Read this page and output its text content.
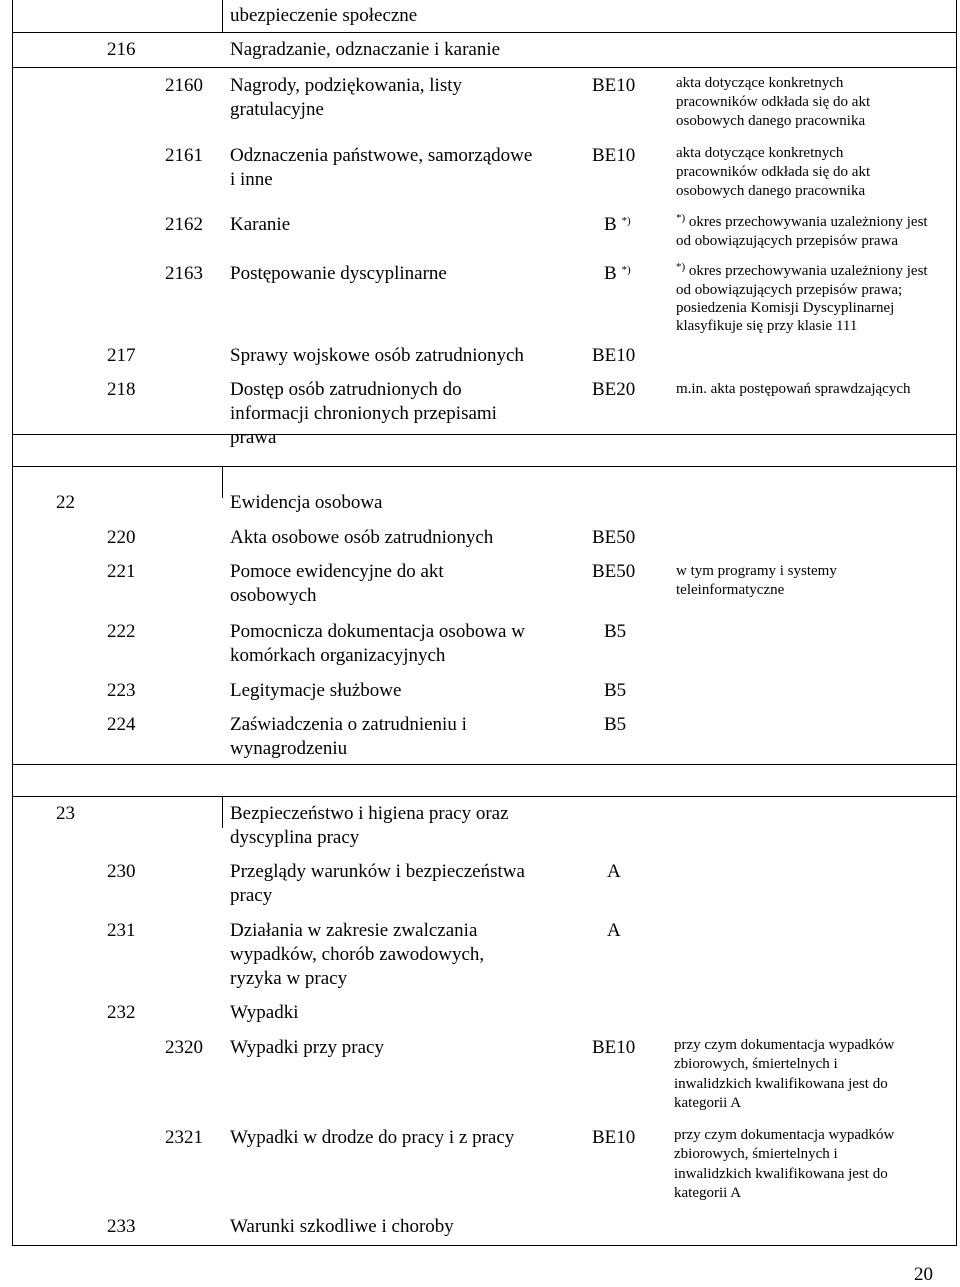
ubezpieczenie społeczne
216	Nagradzanie, odznaczanie i karanie
2160 Nagrody, podziękowania, listy
gratulacyjne
BE10	akta dotyczące konkretnych
pracowników odkłada się do akt
osobowych danego pracownika
2161 Odznaczenia państwowe, samorządowe
i inne
BE10	akta dotyczące konkretnych
pracowników odkłada się do akt
osobowych danego pracownika
2162 Karanie	B *)	*) okres przechowywania uzależniony jest
od obowiązujących przepisów prawa
2163 Postępowanie dyscyplinarne	B *)	*) okres przechowywania uzależniony jest
od obowiązujących przepisów prawa;
posiedzenia Komisji Dyscyplinarnej
klasyfikuje się przy klasie 111
217	Sprawy wojskowe osób zatrudnionych	BE10
218	Dostęp osób zatrudnionych do
informacji chronionych przepisami
prawa
BE20	m.in. akta postępowań sprawdzających
22	Ewidencja osobowa
220	Akta osobowe osób zatrudnionych	BE50
221	Pomoce ewidencyjne do akt
osobowych
BE50	w tym programy i systemy
teleinformatyczne
222	Pomocnicza dokumentacja osobowa w
komórkach organizacyjnych
B5
223	Legitymacje służbowe	B5
224	Zaświadczenia o zatrudnieniu i
wynagrodzeniu
B5
23	Bezpieczeństwo i higiena pracy oraz
dyscyplina pracy
230	Przeglądy warunków i bezpieczeństwa
pracy
A
231	Działania w zakresie zwalczania
wypadków, chorób zawodowych,
ryzyka w pracy
A
232	Wypadki
2320 Wypadki przy pracy	BE10	przy czym dokumentacja wypadków
zbiorowych, śmiertelnych i
inwalidzkich kwalifikowana jest do
kategorii A
2321 Wypadki w drodze do pracy i z pracy	BE10	przy czym dokumentacja wypadków
zbiorowych, śmiertelnych i
inwalidzkich kwalifikowana jest do
kategorii A
233	Warunki szkodliwe i choroby
20
